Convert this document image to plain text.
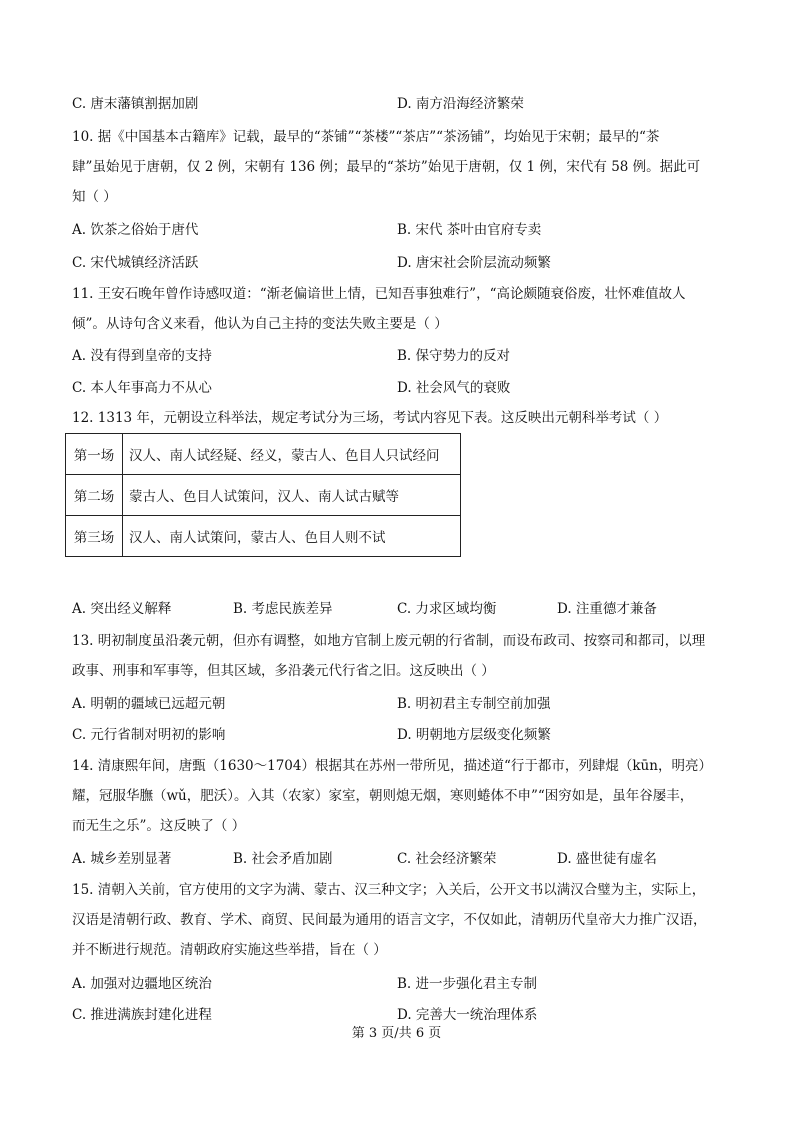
C. 唐末藩镇割据加剧	D. 南方沿海经济繁荣
10. 据《中国基本古籍库》记载，最早的“茶铺”“茶楼”“茶店”“茶汤铺”，均始见于宋朝；最早的“茶
肆”虽始见于唐朝，仅 2 例，宋朝有 136 例；最早的“茶坊”始见于唐朝，仅 1 例，宋代有 58 例。据此可
知（ ）
A. 饮茶之俗始于唐代	B. 宋代 茶叶由官府专卖
C. 宋代城镇经济活跃	D. 唐宋社会阶层流动频繁
11. 王安石晚年曾作诗感叹道：“渐老偏谙世上情，已知吾事独难行”，“高论颇随衰俗废，壮怀难值故人
倾”。从诗句含义来看，他认为自己主持的变法失败主要是（ ）
A. 没有得到皇帝的支持	B. 保守势力的反对
C. 本人年事高力不从心	D. 社会风气的衰败
12. 1313 年，元朝设立科举法，规定考试分为三场，考试内容见下表。这反映出元朝科举考试（ ）
第一场	汉人、南人试经疑、经义，蒙古人、色目人只试经问
第二场	蒙古人、色目人试策问，汉人、南人试古赋等
第三场	汉人、南人试策问，蒙古人、色目人则不试
A. 突出经义解释	B. 考虑民族差异	C. 力求区域均衡	D. 注重德才兼备
13. 明初制度虽沿袭元朝，但亦有调整，如地方官制上废元朝的行省制，而设布政司、按察司和都司，以理
政事、刑事和军事等，但其区域，多沿袭元代行省之旧。这反映出（ ）
A. 明朝的疆域已远超元朝	B. 明初君主专制空前加强
C. 元行省制对明初的影响	D. 明朝地方层级变化频繁
14. 清康熙年间，唐甄（1630～1704）根据其在苏州一带所见，描述道“行于都市，列肆焜（kūn，明亮）
耀，冠服华膴（wǔ，肥沃）。入其（农家）家室，朝则熄无烟，寒则蜷体不申”“困穷如是，虽年谷屡丰，
而无生之乐”。这反映了（ ）
A. 城乡差别显著	B. 社会矛盾加剧	C. 社会经济繁荣	D. 盛世徒有虚名
15. 清朝入关前，官方使用的文字为满、蒙古、汉三种文字；入关后，公开文书以满汉合璧为主，实际上，
汉语是清朝行政、教育、学术、商贸、民间最为通用的语言文字，不仅如此，清朝历代皇帝大力推广汉语，
并不断进行规范。清朝政府实施这些举措，旨在（ ）
A. 加强对边疆地区统治	B. 进一步强化君主专制
C. 推进满族封建化进程	D. 完善大一统治理体系
第 3 页/共 6 页
